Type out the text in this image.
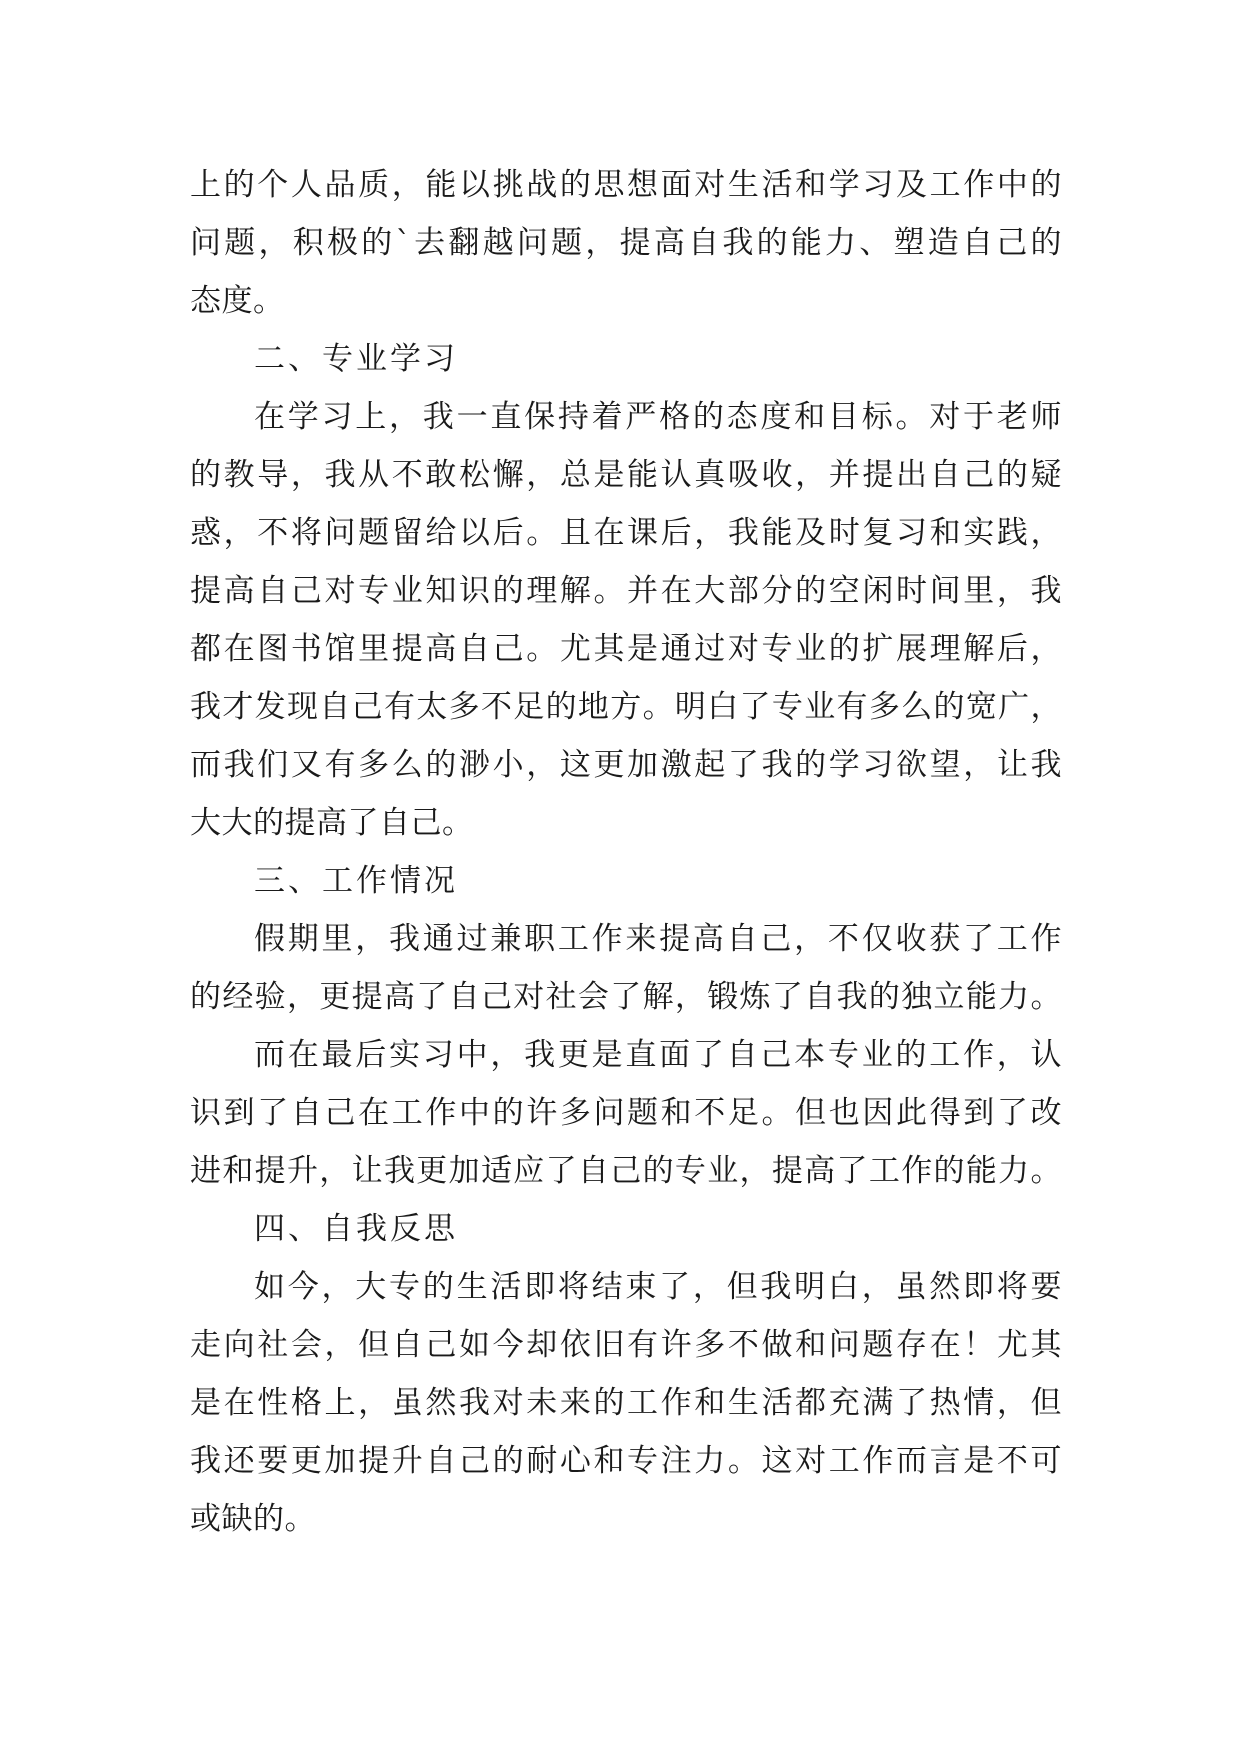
上的个人品质，能以挑战的思想面对生活和学习及工作中的
问题，积极的`去翻越问题，提高自我的能力、塑造自己的
态度。
二、专业学习
在学习上，我一直保持着严格的态度和目标。对于老师
的教导，我从不敢松懈，总是能认真吸收，并提出自己的疑
惑，不将问题留给以后。且在课后，我能及时复习和实践，
提高自己对专业知识的理解。并在大部分的空闲时间里，我
都在图书馆里提高自己。尤其是通过对专业的扩展理解后，
我才发现自己有太多不足的地方。明白了专业有多么的宽广，
而我们又有多么的渺小，这更加激起了我的学习欲望，让我
大大的提高了自己。
三、工作情况
假期里，我通过兼职工作来提高自己，不仅收获了工作
的经验，更提高了自己对社会了解，锻炼了自我的独立能力。
而在最后实习中，我更是直面了自己本专业的工作，认
识到了自己在工作中的许多问题和不足。但也因此得到了改
进和提升，让我更加适应了自己的专业，提高了工作的能力。
四、自我反思
如今，大专的生活即将结束了，但我明白，虽然即将要
走向社会，但自己如今却依旧有许多不做和问题存在！尤其
是在性格上，虽然我对未来的工作和生活都充满了热情，但
我还要更加提升自己的耐心和专注力。这对工作而言是不可
或缺的。
